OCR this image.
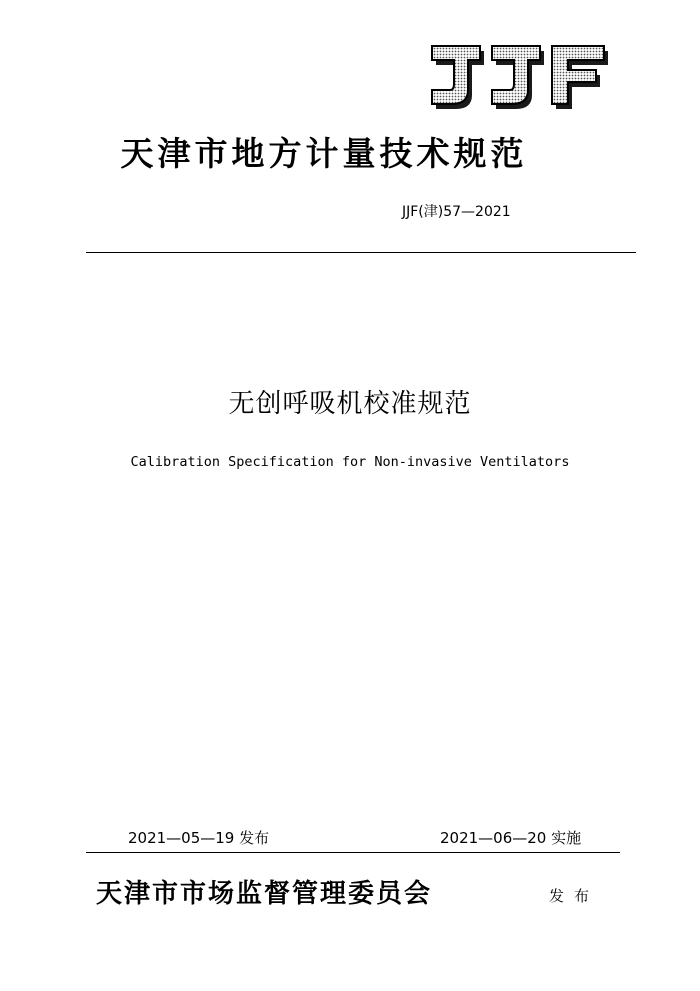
天津市地方计量技术规范
JJF(津)57—2021
无创呼吸机校准规范
Calibration Specification for Non-invasive Ventilators
2021—05—19 发布	2021—06—20 实施
天津市市场监督管理委员会	发布
